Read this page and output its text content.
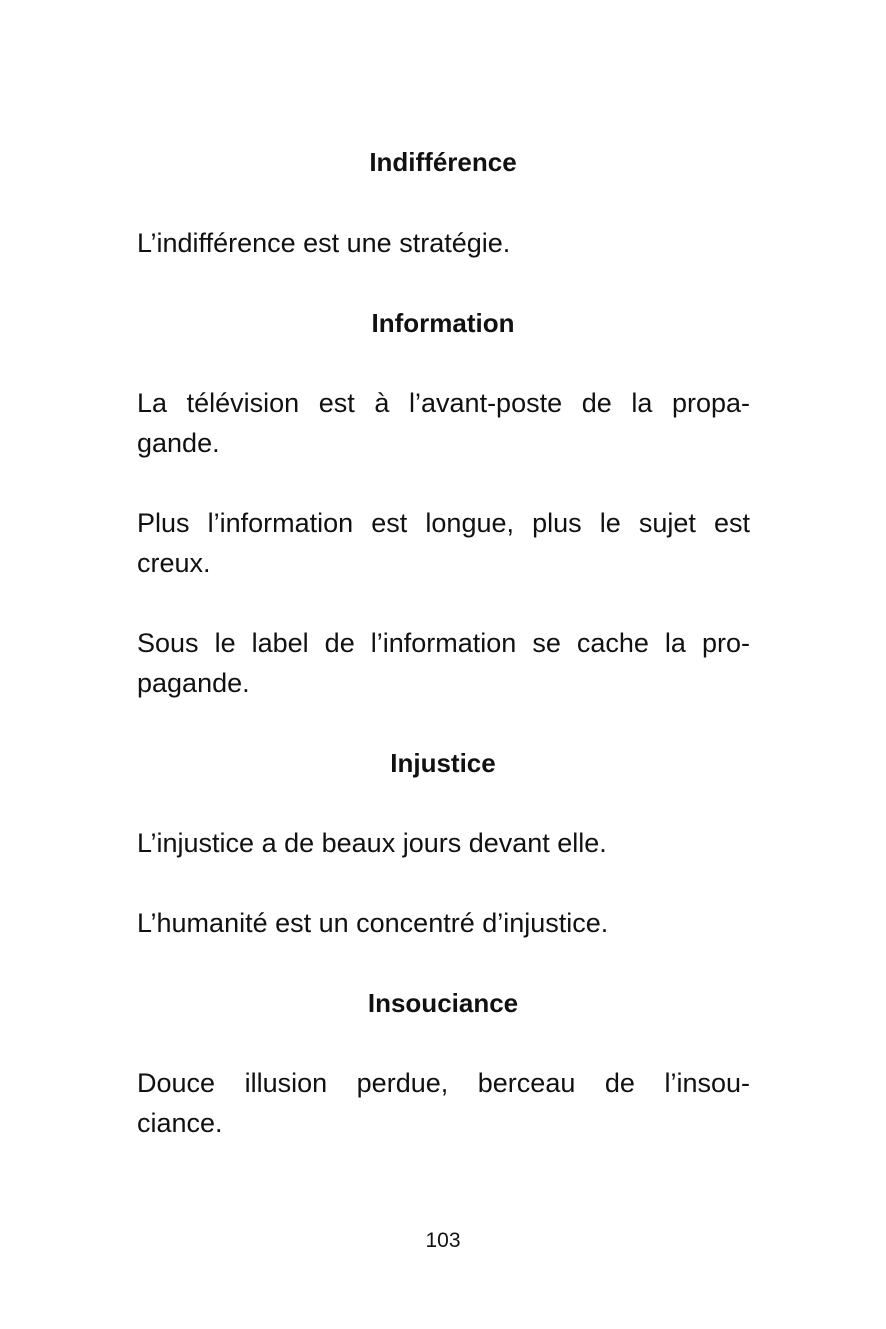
Indifférence

L’indifférence est une stratégie.

Information

La télévision est à l’avant-poste de la propa-
gande.

Plus l’information est longue, plus le sujet est
creux.

Sous le label de l’information se cache la pro-
pagande.

Injustice

L’injustice a de beaux jours devant elle.

L’humanité est un concentré d’injustice.

Insouciance

Douce illusion perdue, berceau de l’insou-
ciance.

103
